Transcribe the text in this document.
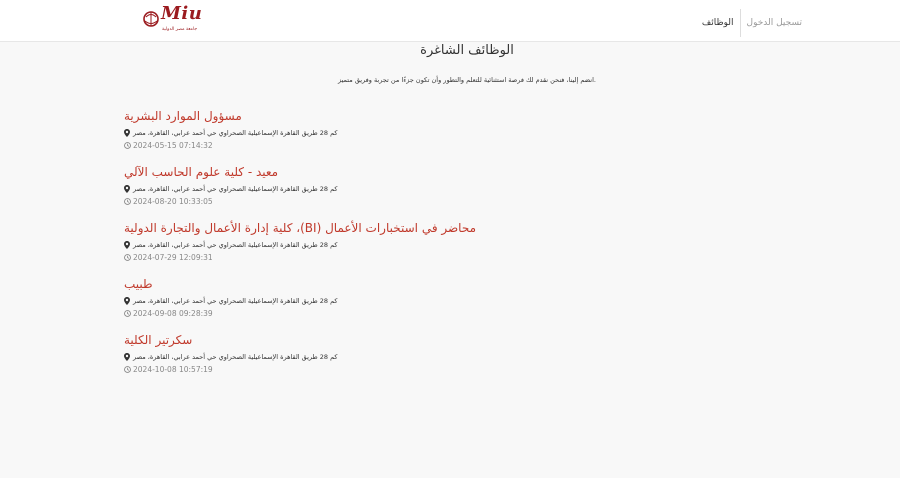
Miu
جامعة مصر الدولية
الوظائف	تسجيل الدخول
الوظائف الشاغرة
انضم إلينا، فنحن نقدم لك فرصة استثنائية للتعلم والتطور وأن تكون جزءًا من تجربة وفريق متميز.
مسؤول الموارد البشرية
كم 28 طريق القاهرة الإسماعيلية الصحراوي حي أحمد عرابي، القاهرة، مصر
2024-05-15 07:14:32
معيد - كلية علوم الحاسب الآلي
كم 28 طريق القاهرة الإسماعيلية الصحراوي حي أحمد عرابي، القاهرة، مصر
2024-08-20 10:33:05
كلية إدارة الأعمال والتجارة الدولية ،(BI) محاضر في استخبارات الأعمال
كم 28 طريق القاهرة الإسماعيلية الصحراوي حي أحمد عرابي، القاهرة، مصر
2024-07-29 12:09:31
طبيب
كم 28 طريق القاهرة الإسماعيلية الصحراوي حي أحمد عرابي، القاهرة، مصر
2024-09-08 09:28:39
سكرتير الكلية
كم 28 طريق القاهرة الإسماعيلية الصحراوي حي أحمد عرابي، القاهرة، مصر
2024-10-08 10:57:19
